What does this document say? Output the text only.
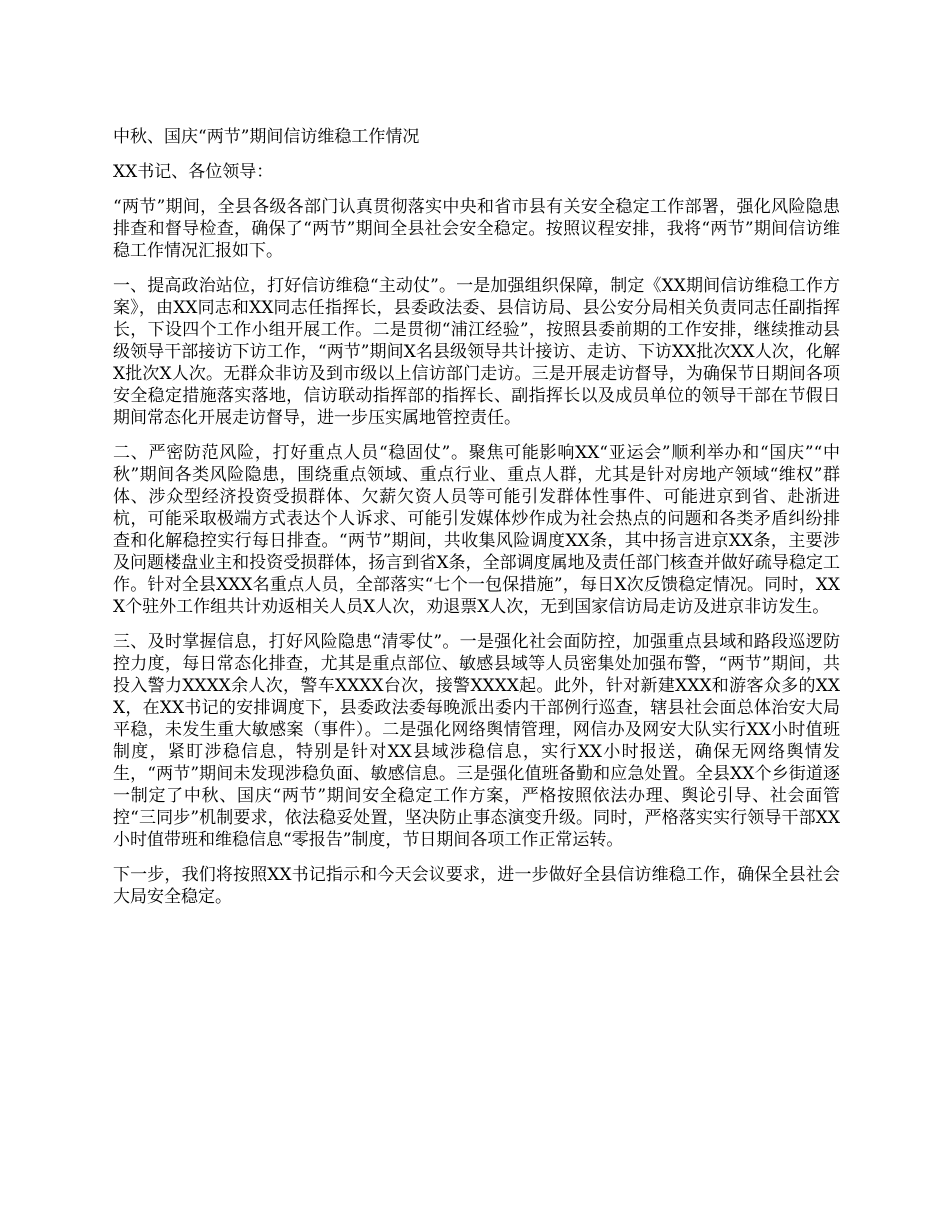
中秋、国庆“两节”期间信访维稳工作情况
XX书记、各位领导：

“两节”期间，全县各级各部门认真贯彻落实中央和省市县有关安全稳定工作部署，强化风险隐患排查和督导检查，确保了“两节”期间全县社会安全稳定。按照议程安排，我将“两节”期间信访维稳工作情况汇报如下。

一、提高政治站位，打好信访维稳“主动仗”。一是加强组织保障，制定《XX期间信访维稳工作方案》，由XX同志和XX同志任指挥长，县委政法委、县信访局、县公安分局相关负责同志任副指挥长，下设四个工作小组开展工作。二是贯彻“浦江经验”，按照县委前期的工作安排，继续推动县级领导干部接访下访工作，“两节”期间X名县级领导共计接访、走访、下访XX批次XX人次，化解X批次X人次。无群众非访及到市级以上信访部门走访。三是开展走访督导，为确保节日期间各项安全稳定措施落实落地，信访联动指挥部的指挥长、副指挥长以及成员单位的领导干部在节假日期间常态化开展走访督导，进一步压实属地管控责任。

二、严密防范风险，打好重点人员“稳固仗”。聚焦可能影响XX“亚运会”顺利举办和“国庆”“中秋”期间各类风险隐患，围绕重点领域、重点行业、重点人群，尤其是针对房地产领域“维权”群体、涉众型经济投资受损群体、欠薪欠资人员等可能引发群体性事件、可能进京到省、赴浙进杭，可能采取极端方式表达个人诉求、可能引发媒体炒作成为社会热点的问题和各类矛盾纠纷排查和化解稳控实行每日排查。“两节”期间，共收集风险调度XX条，其中扬言进京XX条，主要涉及问题楼盘业主和投资受损群体，扬言到省X条，全部调度属地及责任部门核查并做好疏导稳定工作。针对全县XXX名重点人员，全部落实“七个一包保措施”，每日X次反馈稳定情况。同时，XXX个驻外工作组共计劝返相关人员X人次，劝退票X人次，无到国家信访局走访及进京非访发生。

三、及时掌握信息，打好风险隐患“清零仗”。一是强化社会面防控，加强重点县域和路段巡逻防控力度，每日常态化排查，尤其是重点部位、敏感县域等人员密集处加强布警，“两节”期间，共投入警力XXXX余人次，警车XXXX台次，接警XXXX起。此外，针对新建XXX和游客众多的XXX，在XX书记的安排调度下，县委政法委每晚派出委内干部例行巡查，辖县社会面总体治安大局平稳，未发生重大敏感案（事件）。二是强化网络舆情管理，网信办及网安大队实行XX小时值班制度，紧盯涉稳信息，特别是针对XX县域涉稳信息，实行XX小时报送，确保无网络舆情发生，“两节”期间未发现涉稳负面、敏感信息。三是强化值班备勤和应急处置。全县XX个乡街道逐一制定了中秋、国庆“两节”期间安全稳定工作方案，严格按照依法办理、舆论引导、社会面管控“三同步”机制要求，依法稳妥处置，坚决防止事态演变升级。同时，严格落实实行领导干部XX小时值带班和维稳信息“零报告”制度，节日期间各项工作正常运转。

下一步，我们将按照XX书记指示和今天会议要求，进一步做好全县信访维稳工作，确保全县社会大局安全稳定。
